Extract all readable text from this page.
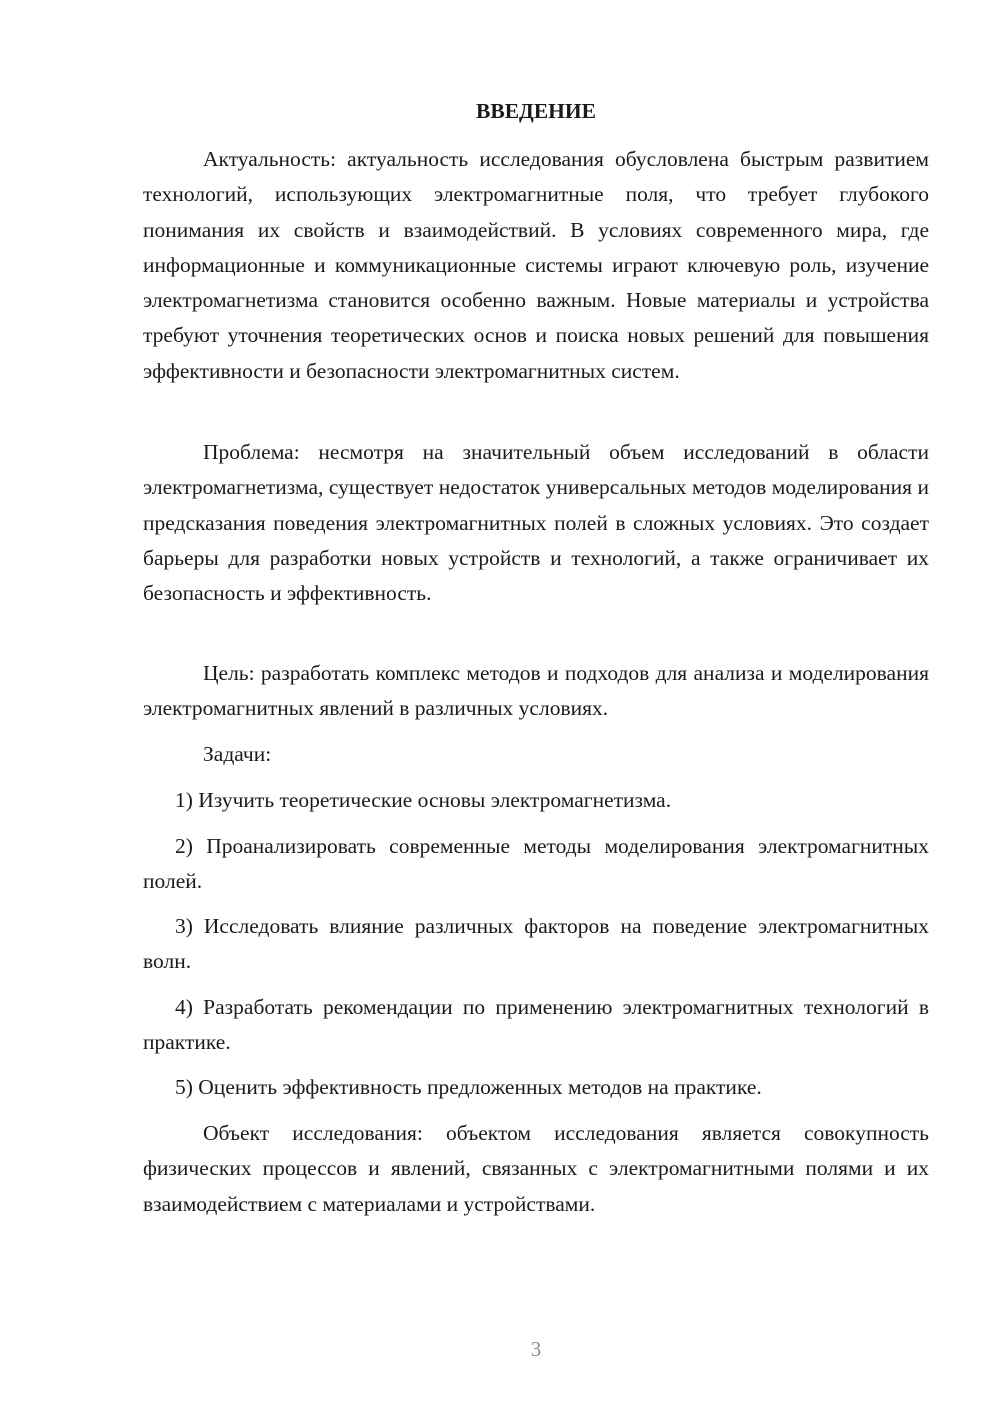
ВВЕДЕНИЕ

Актуальность: актуальность исследования обусловлена быстрым развитием технологий, использующих электромагнитные поля, что требует глубокого понимания их свойств и взаимодействий. В условиях современного мира, где информационные и коммуникационные системы играют ключевую роль, изучение электромагнетизма становится особенно важным. Новые материалы и устройства требуют уточнения теоретических основ и поиска новых решений для повышения эффективности и безопасности электромагнитных систем.

Проблема: несмотря на значительный объем исследований в области электромагнетизма, существует недостаток универсальных методов моделирования и предсказания поведения электромагнитных полей в сложных условиях. Это создает барьеры для разработки новых устройств и технологий, а также ограничивает их безопасность и эффективность.

Цель: разработать комплекс методов и подходов для анализа и моделирования электромагнитных явлений в различных условиях.

Задачи:

1) Изучить теоретические основы электромагнетизма.

2) Проанализировать современные методы моделирования электромагнитных полей.

3) Исследовать влияние различных факторов на поведение электромагнитных волн.

4) Разработать рекомендации по применению электромагнитных технологий в практике.

5) Оценить эффективность предложенных методов на практике.

Объект исследования: объектом исследования является совокупность физических процессов и явлений, связанных с электромагнитными полями и их взаимодействием с материалами и устройствами.

3
